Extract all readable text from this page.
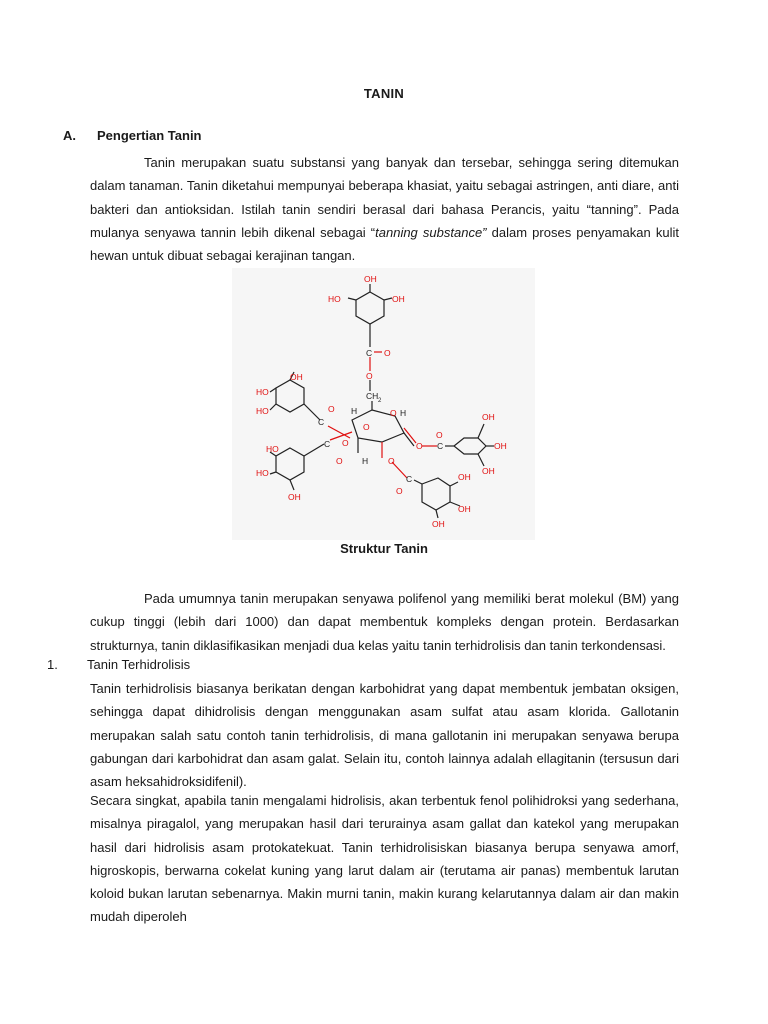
TANIN
A. Pengertian Tanin
Tanin merupakan suatu substansi yang banyak dan tersebar, sehingga sering ditemukan dalam tanaman. Tanin diketahui mempunyai beberapa khasiat, yaitu sebagai astringen, anti diare, anti bakteri dan antioksidan. Istilah tanin sendiri berasal dari bahasa Perancis, yaitu “tanning”. Pada mulanya senyawa tannin lebih dikenal sebagai “tanning substance” dalam proses penyamakan kulit hewan untuk dibuat sebagai kerajinan tangan.
OH
HO	OH
C O
O
CH 2
H	O H
O
O
H O
O C
O
OH
OH
OH
OH
OH
OH
C
O
OH
HO
HO
C
O
HO
HO
OH
C
O
Struktur Tanin
Pada umumnya tanin merupakan senyawa polifenol yang memiliki berat molekul (BM) yang cukup tinggi (lebih dari 1000) dan dapat membentuk kompleks dengan protein. Berdasarkan strukturnya, tanin diklasifikasikan menjadi dua kelas yaitu tanin terhidrolisis dan tanin terkondensasi.
1. Tanin Terhidrolisis
Tanin terhidrolisis biasanya berikatan dengan karbohidrat yang dapat membentuk jembatan oksigen, sehingga dapat dihidrolisis dengan menggunakan asam sulfat atau asam klorida. Gallotanin merupakan salah satu contoh tanin terhidrolisis, di mana gallotanin ini merupakan senyawa berupa gabungan dari karbohidrat dan asam galat. Selain itu, contoh lainnya adalah ellagitanin (tersusun dari asam heksahidroksidifenil).
Secara singkat, apabila tanin mengalami hidrolisis, akan terbentuk fenol polihidroksi yang sederhana, misalnya piragalol, yang merupakan hasil dari terurainya asam gallat dan katekol yang merupakan hasil dari hidrolisis asam protokatekuat. Tanin terhidrolisiskan biasanya berupa senyawa amorf, higroskopis, berwarna cokelat kuning yang larut dalam air (terutama air panas) membentuk larutan koloid bukan larutan sebenarnya. Makin murni tanin, makin kurang kelarutannya dalam air dan makin mudah diperoleh
